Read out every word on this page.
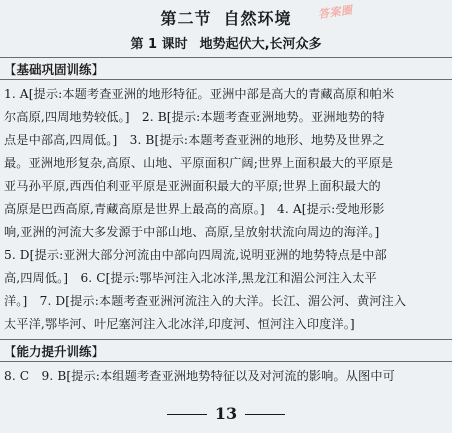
答案圈
第二节 自然环境
第 1 课时 地势起伏大,长河众多
【基础巩固训练】
1. A[提示:本题考查亚洲的地形特征。亚洲中部是高大的青藏高原和帕米
尔高原,四周地势较低。]　2. B[提示:本题考查亚洲地势。亚洲地势的特
点是中部高,四周低。]　3. B[提示:本题考查亚洲的地形、地势及世界之
最。亚洲地形复杂,高原、山地、平原面积广阔;世界上面积最大的平原是
亚马孙平原,西西伯利亚平原是亚洲面积最大的平原;世界上面积最大的
高原是巴西高原,青藏高原是世界上最高的高原。]　4. A[提示:受地形影
响,亚洲的河流大多发源于中部山地、高原,呈放射状流向周边的海洋。]
5. D[提示:亚洲大部分河流由中部向四周流,说明亚洲的地势特点是中部
高,四周低。]　6. C[提示:鄂毕河注入北冰洋,黑龙江和湄公河注入太平
洋。]　7. D[提示:本题考查亚洲河流注入的大洋。长江、湄公河、黄河注入
太平洋,鄂毕河、叶尼塞河注入北冰洋,印度河、恒河注入印度洋。]
【能力提升训练】
8. C　9. B[提示:本组题考查亚洲地势特征以及对河流的影响。从图中可
13
